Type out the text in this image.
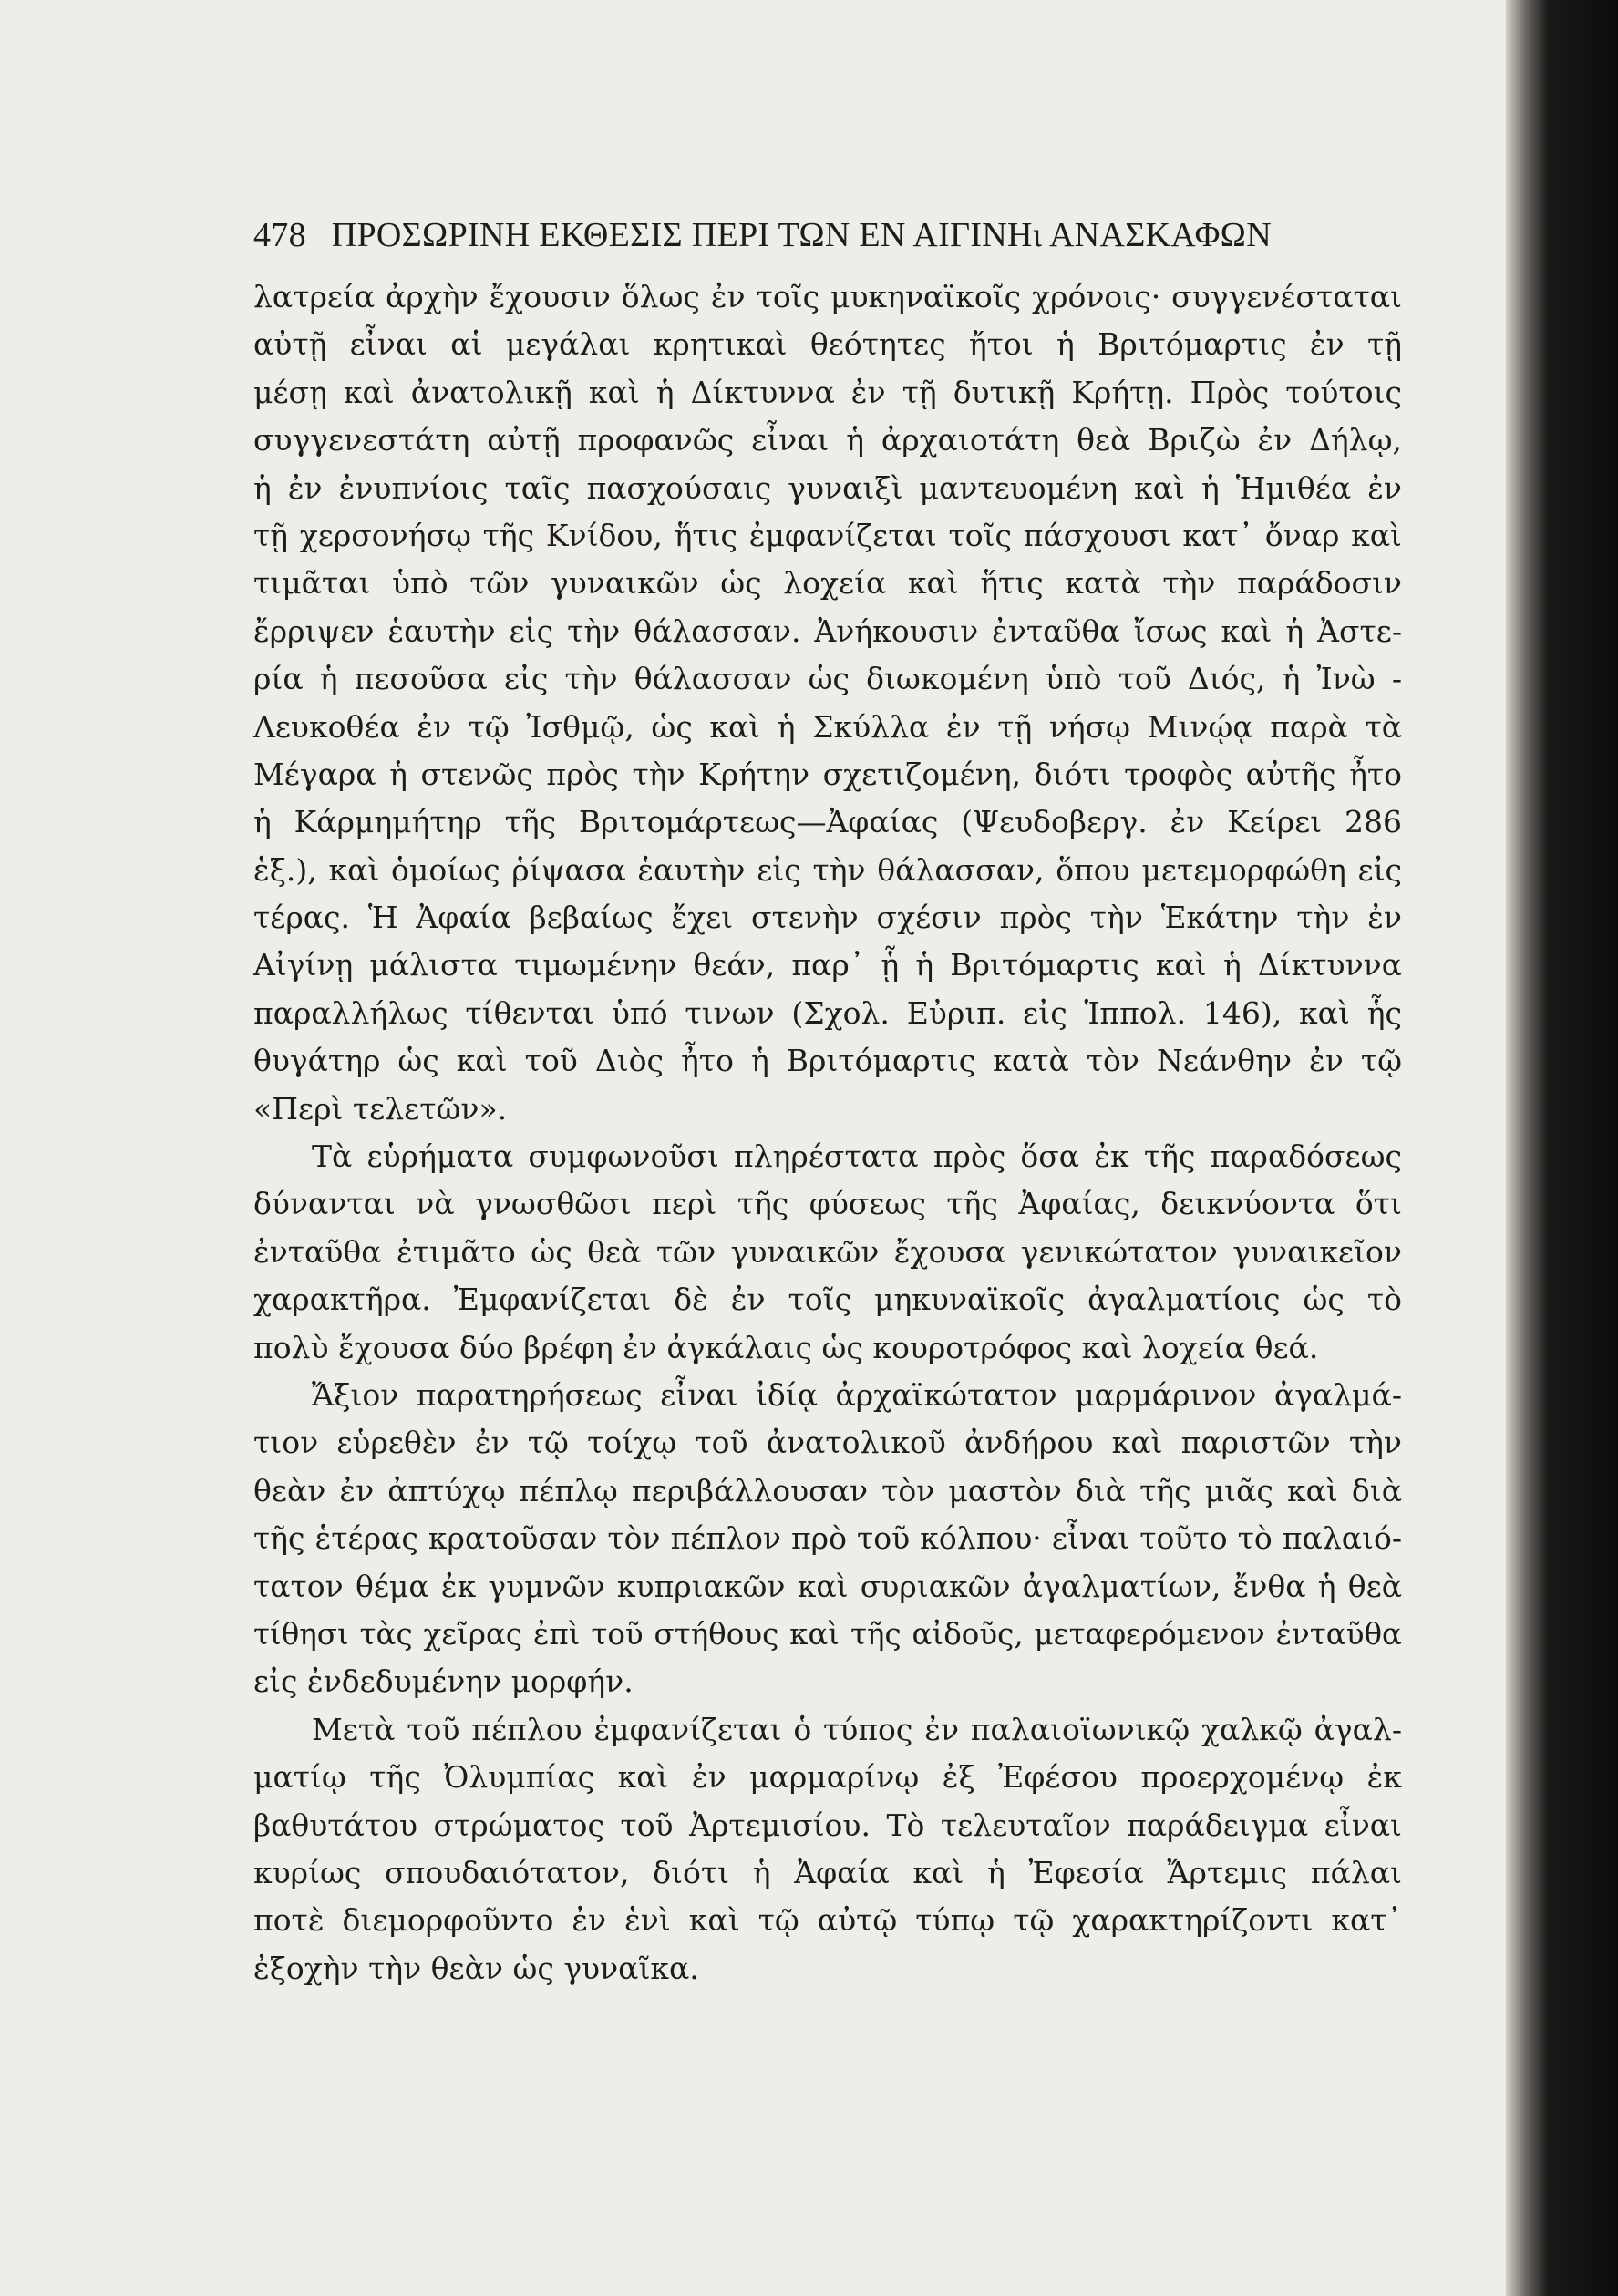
478 ΠΡΟΣΩΡΙΝΗ ΕΚΘΕΣΙΣ ΠΕΡΙ ΤΩΝ ΕΝ ΑΙΓΙΝΗι ΑΝΑΣΚΑΦΩΝ
λατρεία ἀρχὴν ἔχουσιν ὅλως ἐν τοῖς μυκηναϊκοῖς χρόνοις· συγγενέσταται
αὐτῇ εἶναι αἱ μεγάλαι κρητικαὶ θεότητες ἤτοι ἡ Βριτόμαρτις ἐν τῇ
μέσῃ καὶ ἀνατολικῇ καὶ ἡ Δίκτυννα ἐν τῇ δυτικῇ Κρήτῃ. Πρὸς τούτοις
συγγενεστάτη αὐτῇ προφανῶς εἶναι ἡ ἀρχαιοτάτη θεὰ Βριζὼ ἐν Δήλῳ,
ἡ ἐν ἐνυπνίοις ταῖς πασχούσαις γυναιξὶ μαντευομένη καὶ ἡ Ἡμιθέα ἐν
τῇ χερσονήσῳ τῆς Κνίδου, ἥτις ἐμφανίζεται τοῖς πάσχουσι κατ᾽ ὄναρ καὶ
τιμᾶται ὑπὸ τῶν γυναικῶν ὡς λοχεία καὶ ἥτις κατὰ τὴν παράδοσιν
ἔρριψεν ἑαυτὴν εἰς τὴν θάλασσαν. Ἀνήκουσιν ἐνταῦθα ἴσως καὶ ἡ Ἀστε-
ρία ἡ πεσοῦσα εἰς τὴν θάλασσαν ὡς διωκομένη ὑπὸ τοῦ Διός, ἡ Ἰνὼ -
Λευκοθέα ἐν τῷ Ἰσθμῷ, ὡς καὶ ἡ Σκύλλα ἐν τῇ νήσῳ Μινῴᾳ παρὰ τὰ
Μέγαρα ἡ στενῶς πρὸς τὴν Κρήτην σχετιζομένη, διότι τροφὸς αὐτῆς ἦτο
ἡ Κάρμημήτηρ τῆς Βριτομάρτεως—Ἀφαίας (Ψευδοβεργ. ἐν Κείρει 286
ἑξ.), καὶ ὁμοίως ῥίψασα ἑαυτὴν εἰς τὴν θάλασσαν, ὅπου μετεμορφώθη εἰς
τέρας. Ἡ Ἀφαία βεβαίως ἔχει στενὴν σχέσιν πρὸς τὴν Ἑκάτην τὴν ἐν
Αἰγίνῃ μάλιστα τιμωμένην θεάν, παρ᾽ ᾗ ἡ Βριτόμαρτις καὶ ἡ Δίκτυννα
παραλλήλως τίθενται ὑπό τινων (Σχολ. Εὐριπ. εἰς Ἱππολ. 146), καὶ ἧς
θυγάτηρ ὡς καὶ τοῦ Διὸς ἦτο ἡ Βριτόμαρτις κατὰ τὸν Νεάνθην ἐν τῷ
«Περὶ τελετῶν».
Τὰ εὑρήματα συμφωνοῦσι πληρέστατα πρὸς ὅσα ἐκ τῆς παραδόσεως
δύνανται νὰ γνωσθῶσι περὶ τῆς φύσεως τῆς Ἀφαίας, δεικνύοντα ὅτι
ἐνταῦθα ἐτιμᾶτο ὡς θεὰ τῶν γυναικῶν ἔχουσα γενικώτατον γυναικεῖον
χαρακτῆρα. Ἐμφανίζεται δὲ ἐν τοῖς μηκυναϊκοῖς ἀγαλματίοις ὡς τὸ
πολὺ ἔχουσα δύο βρέφη ἐν ἀγκάλαις ὡς κουροτρόφος καὶ λοχεία θεά.
Ἄξιον παρατηρήσεως εἶναι ἰδίᾳ ἀρχαϊκώτατον μαρμάρινον ἀγαλμά-
τιον εὑρεθὲν ἐν τῷ τοίχῳ τοῦ ἀνατολικοῦ ἀνδήρου καὶ παριστῶν τὴν
θεὰν ἐν ἀπτύχῳ πέπλῳ περιβάλλουσαν τὸν μαστὸν διὰ τῆς μιᾶς καὶ διὰ
τῆς ἑτέρας κρατοῦσαν τὸν πέπλον πρὸ τοῦ κόλπου· εἶναι τοῦτο τὸ παλαιό-
τατον θέμα ἐκ γυμνῶν κυπριακῶν καὶ συριακῶν ἀγαλματίων, ἔνθα ἡ θεὰ
τίθησι τὰς χεῖρας ἐπὶ τοῦ στήθους καὶ τῆς αἰδοῦς, μεταφερόμενον ἐνταῦθα
εἰς ἐνδεδυμένην μορφήν.
Μετὰ τοῦ πέπλου ἐμφανίζεται ὁ τύπος ἐν παλαιοϊωνικῷ χαλκῷ ἀγαλ-
ματίῳ τῆς Ὀλυμπίας καὶ ἐν μαρμαρίνῳ ἐξ Ἐφέσου προερχομένῳ ἐκ
βαθυτάτου στρώματος τοῦ Ἀρτεμισίου. Τὸ τελευταῖον παράδειγμα εἶναι
κυρίως σπουδαιότατον, διότι ἡ Ἀφαία καὶ ἡ Ἐφεσία Ἄρτεμις πάλαι
ποτὲ διεμορφοῦντο ἐν ἑνὶ καὶ τῷ αὐτῷ τύπῳ τῷ χαρακτηρίζοντι κατ᾽
ἐξοχὴν τὴν θεὰν ὡς γυναῖκα.
